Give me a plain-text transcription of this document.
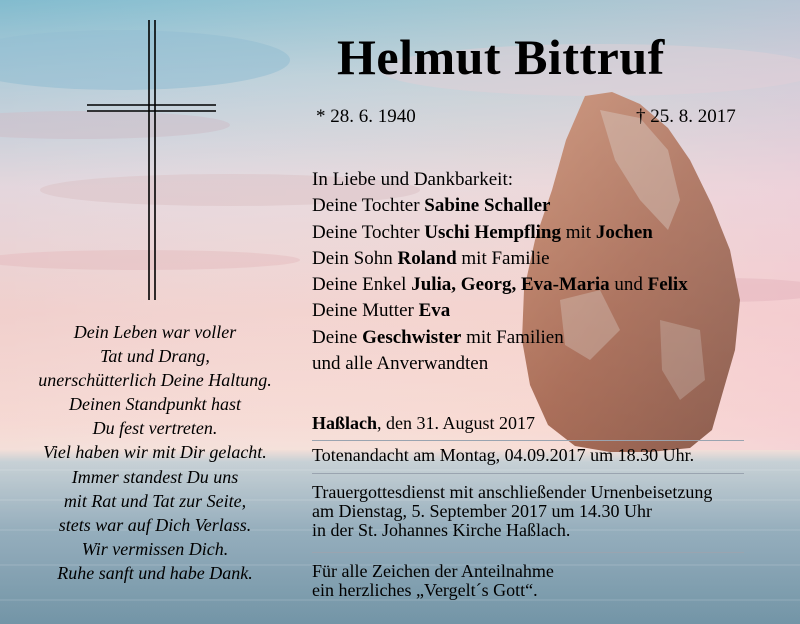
Helmut Bittruf
* 28. 6. 1940	† 25. 8. 2017
In Liebe und Dankbarkeit:
Deine Tochter Sabine Schaller
Deine Tochter Uschi Hempfling mit Jochen
Dein Sohn Roland mit Familie
Deine Enkel Julia, Georg, Eva-Maria und Felix
Deine Mutter Eva
Deine Geschwister mit Familien
und alle Anverwandten
Dein Leben war voller
Tat und Drang,
unerschütterlich Deine Haltung.
Deinen Standpunkt hast
Du fest vertreten.
Viel haben wir mit Dir gelacht.
Immer standest Du uns
mit Rat und Tat zur Seite,
stets war auf Dich Verlass.
Wir vermissen Dich.
Ruhe sanft und habe Dank.
Haßlach, den 31. August 2017
Totenandacht am Montag, 04.09.2017 um 18.30 Uhr.
Trauergottesdienst mit anschließender Urnenbeisetzung
am Dienstag, 5. September 2017 um 14.30 Uhr
in der St. Johannes Kirche Haßlach.
Für alle Zeichen der Anteilnahme
ein herzliches „Vergelt´s Gott“.
